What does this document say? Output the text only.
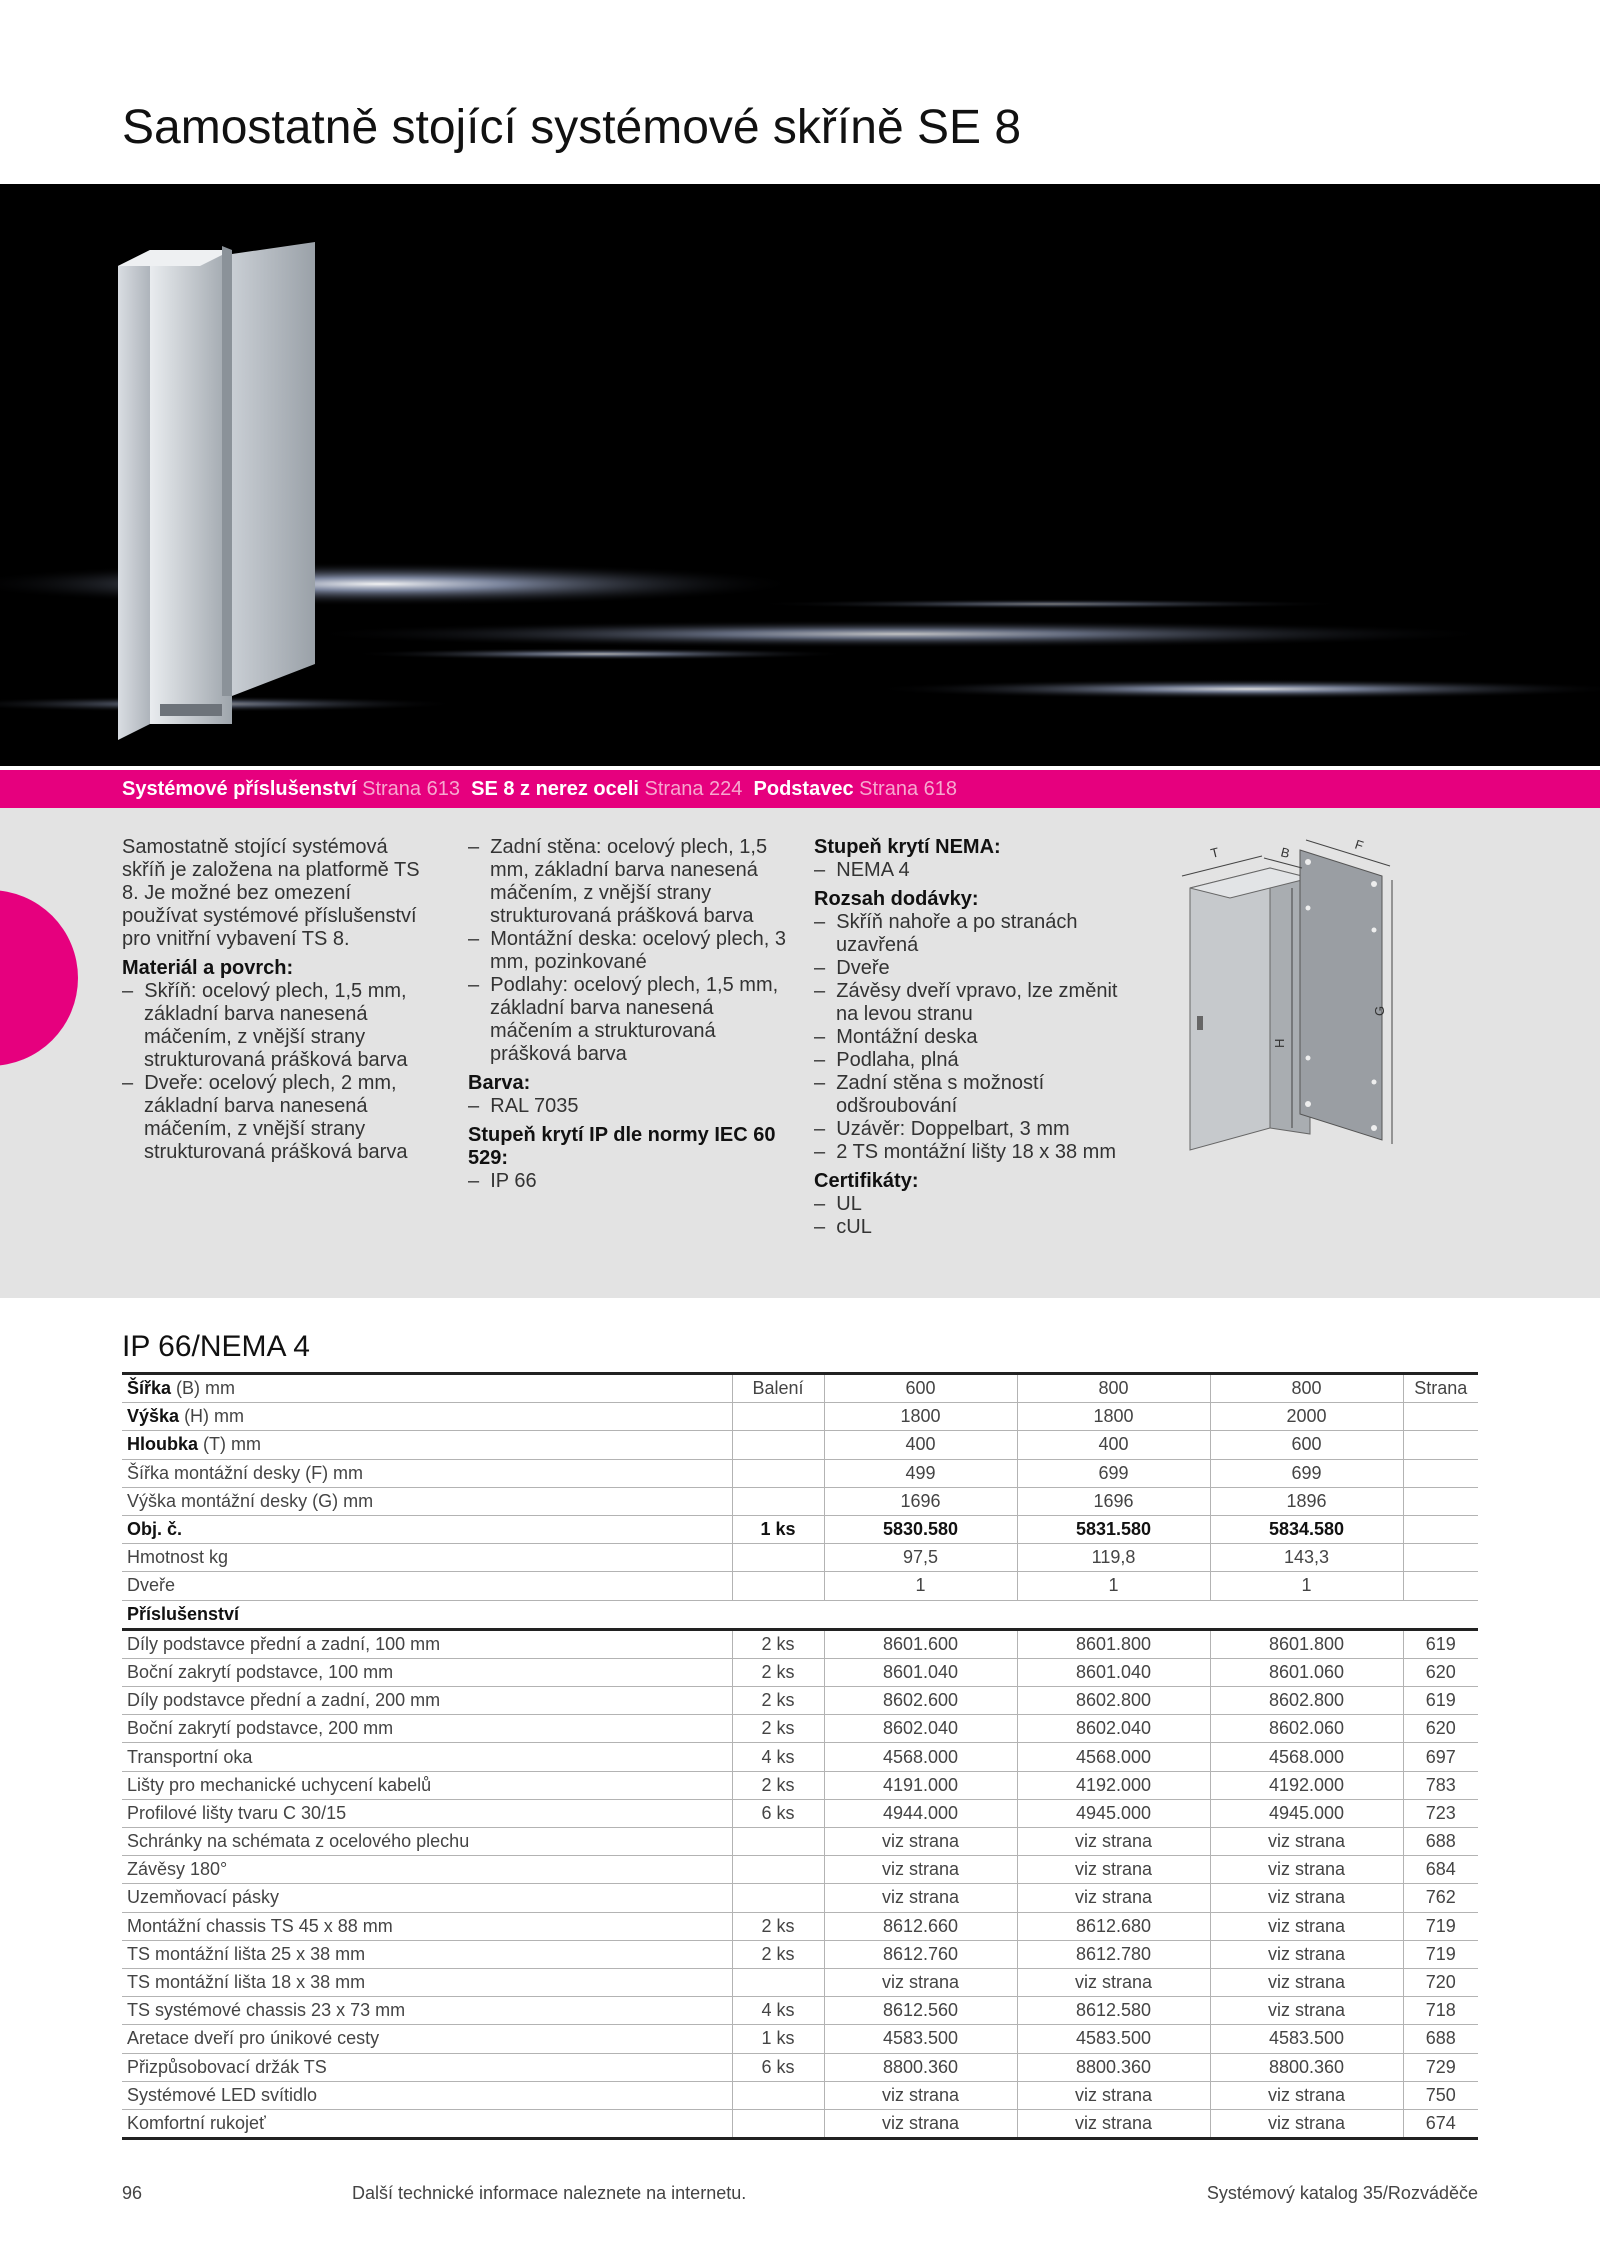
Samostatně stojící systémové skříně SE 8
Systémové příslušenství Strana 613 SE 8 z nerez oceli Strana 224 Podstavec Strana 618

Samostatně stojící systémová skříň je založena na platformě TS 8. Je možné bez omezení používat systémové příslušenství pro vnitřní vybavení TS 8.

Materiál a povrch:

–  Skříň: ocelový plech, 1,5 mm, základní barva nanesená máčením, z vnější strany strukturovaná prášková barva
–  Dveře: ocelový plech, 2 mm, základní barva nanesená máčením, z vnější strany strukturovaná prášková barva
–  Zadní stěna: ocelový plech, 1,5 mm, základní barva nanesená máčením, z vnější strany strukturovaná prášková barva
–  Montážní deska: ocelový plech, 3 mm, pozinkované
–  Podlahy: ocelový plech, 1,5 mm, základní barva nanesená máčením a strukturovaná prášková barva

Barva:

–  RAL 7035

Stupeň krytí IP dle normy IEC 60 529:

–  IP 66

Stupeň krytí NEMA:

–  NEMA 4

Rozsah dodávky:

–  Skříň nahoře a po stranách uzavřená
–  Dveře
–  Závěsy dveří vpravo, lze změnit na levou stranu
–  Montážní deska
–  Podlaha, plná
–  Zadní stěna s možností odšroubování
–  Uzávěr: Doppelbart, 3 mm
–  2 TS montážní lišty 18 x 38 mm

Certifikáty:

–  UL
–  cUL
T	B	F
H
G
IP 66/NEMA 4
Šířka (B) mm	Balení	600	800	800	Strana
Výška (H) mm		1800	1800	2000	
Hloubka (T) mm		400	400	600	
Šířka montážní desky (F) mm		499	699	699	
Výška montážní desky (G) mm		1696	1696	1896	
Obj. č.	1 ks	5830.580	5831.580	5834.580	
Hmotnost kg		97,5	119,8	143,3	
Dveře		1	1	1	
Příslušenství					
Díly podstavce přední a zadní, 100 mm	2 ks	8601.600	8601.800	8601.800	619
Boční zakrytí podstavce, 100 mm	2 ks	8601.040	8601.040	8601.060	620
Díly podstavce přední a zadní, 200 mm	2 ks	8602.600	8602.800	8602.800	619
Boční zakrytí podstavce, 200 mm	2 ks	8602.040	8602.040	8602.060	620
Transportní oka	4 ks	4568.000	4568.000	4568.000	697
Lišty pro mechanické uchycení kabelů	2 ks	4191.000	4192.000	4192.000	783
Profilové lišty tvaru C 30/15	6 ks	4944.000	4945.000	4945.000	723
Schránky na schémata z ocelového plechu		viz strana	viz strana	viz strana	688
Závěsy 180°		viz strana	viz strana	viz strana	684
Uzemňovací pásky		viz strana	viz strana	viz strana	762
Montážní chassis TS 45 x 88 mm	2 ks	8612.660	8612.680	viz strana	719
TS montážní lišta 25 x 38 mm	2 ks	8612.760	8612.780	viz strana	719
TS montážní lišta 18 x 38 mm		viz strana	viz strana	viz strana	720
TS systémové chassis 23 x 73 mm	4 ks	8612.560	8612.580	viz strana	718
Aretace dveří pro únikové cesty	1 ks	4583.500	4583.500	4583.500	688
Přizpůsobovací držák TS	6 ks	8800.360	8800.360	8800.360	729
Systémové LED svítidlo		viz strana	viz strana	viz strana	750
Komfortní rukojeť		viz strana	viz strana	viz strana	674
96	Další technické informace naleznete na internetu.	Systémový katalog 35/Rozváděče
